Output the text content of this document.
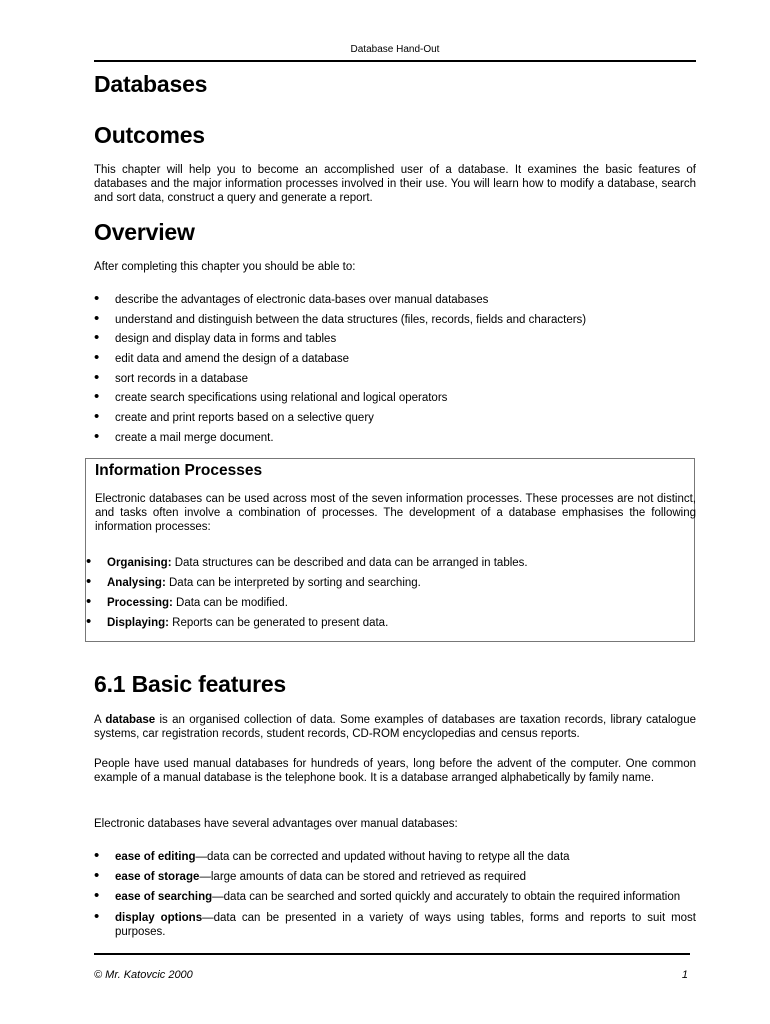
Database Hand-Out
Databases
Outcomes

This chapter will help you to become an accomplished user of a database. It examines the basic features of databases and the major information processes involved in their use. You will learn how to modify a database, search and sort data, construct a query and generate a report.

Overview

After completing this chapter you should be able to:

• describe the advantages of electronic data-bases over manual databases
• understand and distinguish between the data structures (files, records, fields and characters)
• design and display data in forms and tables
• edit data and amend the design of a database
• sort records in a database
• create search specifications using relational and logical operators
• create and print reports based on a selective query
• create a mail merge document.
Information Processes

Electronic databases can be used across most of the seven information processes. These processes are not distinct, and tasks often involve a combination of processes. The development of a database emphasises the following information processes:

• Organising: Data structures can be described and data can be arranged in tables.
• Analysing: Data can be interpreted by sorting and searching.
• Processing: Data can be modified.
• Displaying: Reports can be generated to present data.
6.1 Basic features

A database is an organised collection of data. Some examples of databases are taxation records, library catalogue systems, car registration records, student records, CD-ROM encyclopedias and census reports.

People have used manual databases for hundreds of years, long before the advent of the computer. One common example of a manual database is the telephone book. It is a database arranged alphabetically by family name.

Electronic databases have several advantages over manual databases:

• ease of editing—data can be corrected and updated without having to retype all the data
• ease of storage—large amounts of data can be stored and retrieved as required
• ease of searching—data can be searched and sorted quickly and accurately to obtain the required information
• display options—data can be presented in a variety of ways using tables, forms and reports to suit most purposes.
© Mr. Katovcic 2000	1
